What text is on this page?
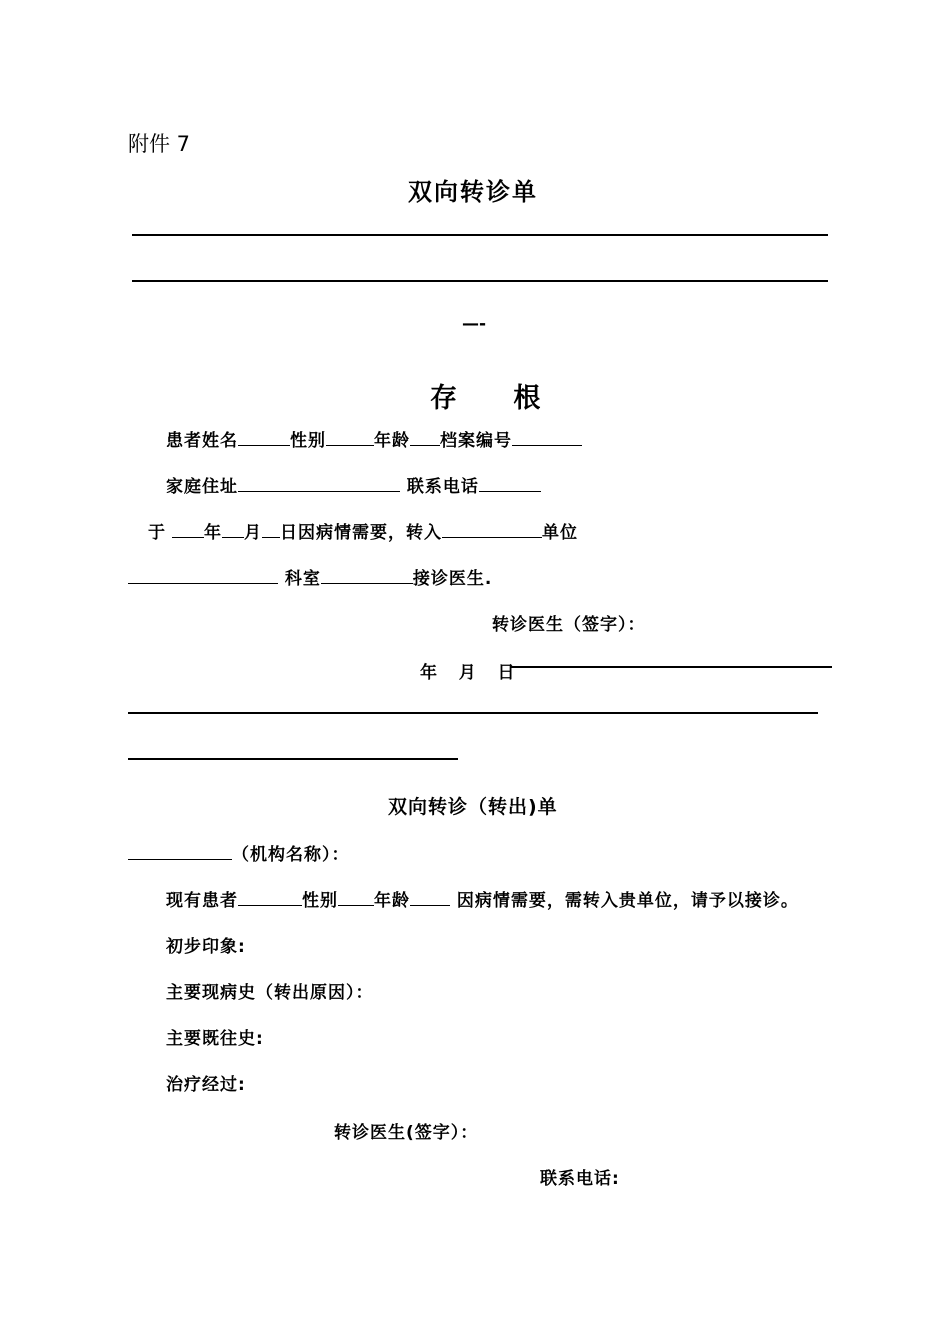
附件 7
双向转诊单
—-
存      根
患者姓名	性别	年龄 档案编号
家庭住址	联系电话
于 年 月 日因病情需要，转入	单位
科室	接诊医生.
转诊医生（签字）：
年   月   日
双向转诊（转出)单
（机构名称）：
现有患者	性别 年龄	因病情需要，需转入贵单位，请予以接诊。
初步印象:
主要现病史（转出原因）：
主要既往史:
治疗经过:
转诊医生(签字）：
联系电话:
